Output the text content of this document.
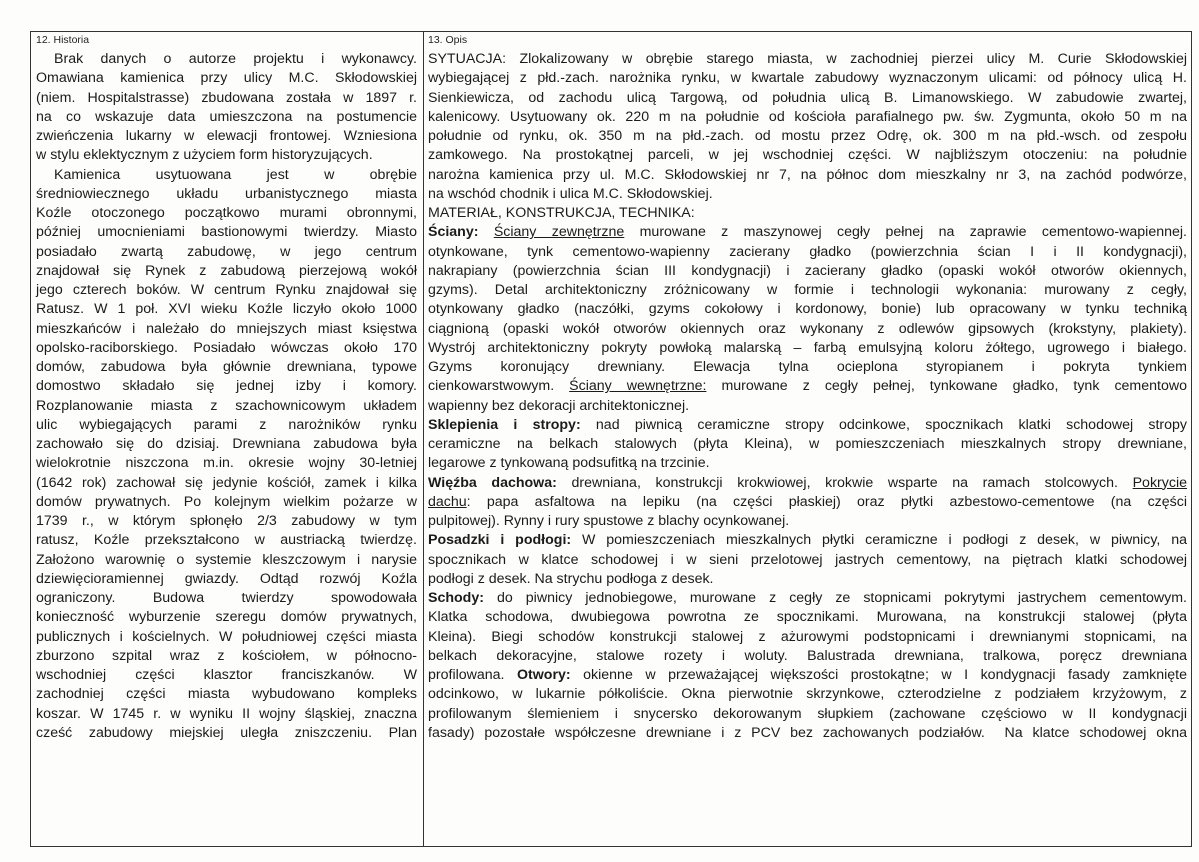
12. Historia	13. Opis
Brak danych o autorze projektu i wykonawcy.
Omawiana kamienica przy ulicy M.C. Skłodowskiej
(niem. Hospitalstrasse) zbudowana została w 1897 r.
na co wskazuje data umieszczona na postumencie
zwieńczenia lukarny w elewacji frontowej. Wzniesiona
w stylu eklektycznym z użyciem form historyzujących.
Kamienica usytuowana jest w obrębie
średniowiecznego układu urbanistycznego miasta
Koźle otoczonego początkowo murami obronnymi,
później umocnieniami bastionowymi twierdzy. Miasto
posiadało zwartą zabudowę, w jego centrum
znajdował się Rynek z zabudową pierzejową wokół
jego czterech boków. W centrum Rynku znajdował się
Ratusz. W 1 poł. XVI wieku Koźle liczyło około 1000
mieszkańców i należało do mniejszych miast księstwa
opolsko-raciborskiego. Posiadało wówczas około 170
domów, zabudowa była głównie drewniana, typowe
domostwo składało się jednej izby i komory.
Rozplanowanie miasta z szachownicowym układem
ulic wybiegających parami z narożników rynku
zachowało się do dzisiaj. Drewniana zabudowa była
wielokrotnie niszczona m.in. okresie wojny 30-letniej
(1642 rok) zachował się jedynie kościół, zamek i kilka
domów prywatnych. Po kolejnym wielkim pożarze w
1739 r., w którym spłonęło 2/3 zabudowy w tym
ratusz, Koźle przekształcono w austriacką twierdzę.
Założono warownię o systemie kleszczowym i narysie
dziewięcioramiennej gwiazdy. Odtąd rozwój Koźla
ograniczony. Budowa twierdzy spowodowała
konieczność wyburzenie szeregu domów prywatnych,
publicznych i kościelnych. W południowej części miasta
zburzono szpital wraz z kościołem, w północno-
wschodniej części klasztor franciszkanów. W
zachodniej części miasta wybudowano kompleks
koszar. W 1745 r. w wyniku II wojny śląskiej, znaczna
cześć zabudowy miejskiej uległa zniszczeniu. Plan
SYTUACJA: Zlokalizowany w obrębie starego miasta, w zachodniej pierzei ulicy M. Curie Skłodowskiej
wybiegającej z płd.-zach. narożnika rynku, w kwartale zabudowy wyznaczonym ulicami: od północy ulicą H.
Sienkiewicza, od zachodu ulicą Targową, od południa ulicą B. Limanowskiego. W zabudowie zwartej,
kalenicowy. Usytuowany ok. 220 m na południe od kościoła parafialnego pw. św. Zygmunta, około 50 m na
południe od rynku, ok. 350 m na płd.-zach. od mostu przez Odrę, ok. 300 m na płd.-wsch. od zespołu
zamkowego. Na prostokątnej parceli, w jej wschodniej części. W najbliższym otoczeniu: na południe
narożna kamienica przy ul. M.C. Skłodowskiej nr 7, na północ dom mieszkalny nr 3, na zachód podwórze,
na wschód chodnik i ulica M.C. Skłodowskiej.
MATERIAŁ, KONSTRUKCJA, TECHNIKA:
Ściany: Ściany zewnętrzne murowane z maszynowej cegły pełnej na zaprawie cementowo-wapiennej.
otynkowane, tynk cementowo-wapienny zacierany gładko (powierzchnia ścian I i II kondygnacji),
nakrapiany (powierzchnia ścian III kondygnacji) i zacierany gładko (opaski wokół otworów okiennych,
gzyms). Detal architektoniczny zróżnicowany w formie i technologii wykonania: murowany z cegły,
otynkowany gładko (naczółki, gzyms cokołowy i kordonowy, bonie) lub opracowany w tynku techniką
ciągnioną (opaski wokół otworów okiennych oraz wykonany z odlewów gipsowych (krokstyny, plakiety).
Wystrój architektoniczny pokryty powłoką malarską – farbą emulsyjną koloru żółtego, ugrowego i białego.
Gzyms koronujący drewniany. Elewacja tylna ocieplona styropianem i pokryta tynkiem
cienkowarstwowym. Ściany wewnętrzne: murowane z cegły pełnej, tynkowane gładko, tynk cementowo
wapienny bez dekoracji architektonicznej.
Sklepienia i stropy: nad piwnicą ceramiczne stropy odcinkowe, spocznikach klatki schodowej stropy
ceramiczne na belkach stalowych (płyta Kleina), w pomieszczeniach mieszkalnych stropy drewniane,
legarowe z tynkowaną podsufitką na trzcinie.
Więźba dachowa: drewniana, konstrukcji krokwiowej, krokwie wsparte na ramach stolcowych. Pokrycie
dachu: papa asfaltowa na lepiku (na części płaskiej) oraz płytki azbestowo-cementowe (na części
pulpitowej). Rynny i rury spustowe z blachy ocynkowanej.
Posadzki i podłogi: W pomieszczeniach mieszkalnych płytki ceramiczne i podłogi z desek, w piwnicy, na
spocznikach w klatce schodowej i w sieni przelotowej jastrych cementowy, na piętrach klatki schodowej
podłogi z desek. Na strychu podłoga z desek.
Schody: do piwnicy jednobiegowe, murowane z cegły ze stopnicami pokrytymi jastrychem cementowym.
Klatka schodowa, dwubiegowa powrotna ze spocznikami. Murowana, na konstrukcji stalowej (płyta
Kleina). Biegi schodów konstrukcji stalowej z ażurowymi podstopnicami i drewnianymi stopnicami, na
belkach dekoracyjne, stalowe rozety i woluty. Balustrada drewniana, tralkowa, poręcz drewniana
profilowana. Otwory: okienne w przeważającej większości prostokątne; w I kondygnacji fasady zamknięte
odcinkowo, w lukarnie półkoliście. Okna pierwotnie skrzynkowe, czterodzielne z podziałem krzyżowym, z
profilowanym ślemieniem i snycersko dekorowanym słupkiem (zachowane częściowo w II kondygnacji
fasady) pozostałe współczesne drewniane i z PCV bez zachowanych podziałów.  Na klatce schodowej okna
